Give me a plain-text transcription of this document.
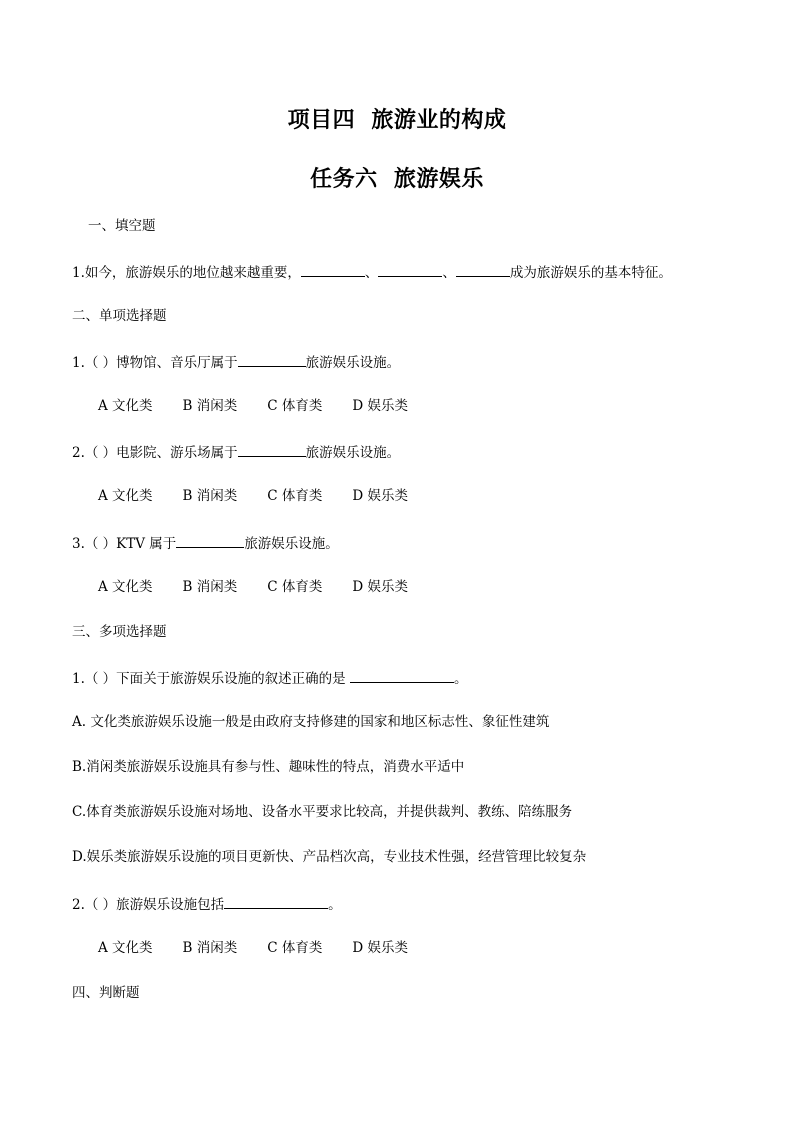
项目四  旅游业的构成
任务六  旅游娱乐
一、填空题
1.如今，旅游娱乐的地位越来越重要，	、	、	成为旅游娱乐的基本特征。
二、单项选择题
1.（ ）博物馆、音乐厅属于	旅游娱乐设施。
A 文化类 B 消闲类 C 体育类 D 娱乐类
2.（ ）电影院、游乐场属于	旅游娱乐设施。
A 文化类 B 消闲类 C 体育类 D 娱乐类
3.（ ）KTV 属于	旅游娱乐设施。
A 文化类 B 消闲类 C 体育类 D 娱乐类
三、多项选择题
1.（ ）下面关于旅游娱乐设施的叙述正确的是	。
A. 文化类旅游娱乐设施一般是由政府支持修建的国家和地区标志性、象征性建筑
B.消闲类旅游娱乐设施具有参与性、趣味性的特点，消费水平适中
C.体育类旅游娱乐设施对场地、设备水平要求比较高，并提供裁判、教练、陪练服务
D.娱乐类旅游娱乐设施的项目更新快、产品档次高，专业技术性强，经营管理比较复杂
2.（ ）旅游娱乐设施包括	。
A 文化类 B 消闲类 C 体育类 D 娱乐类
四、判断题
